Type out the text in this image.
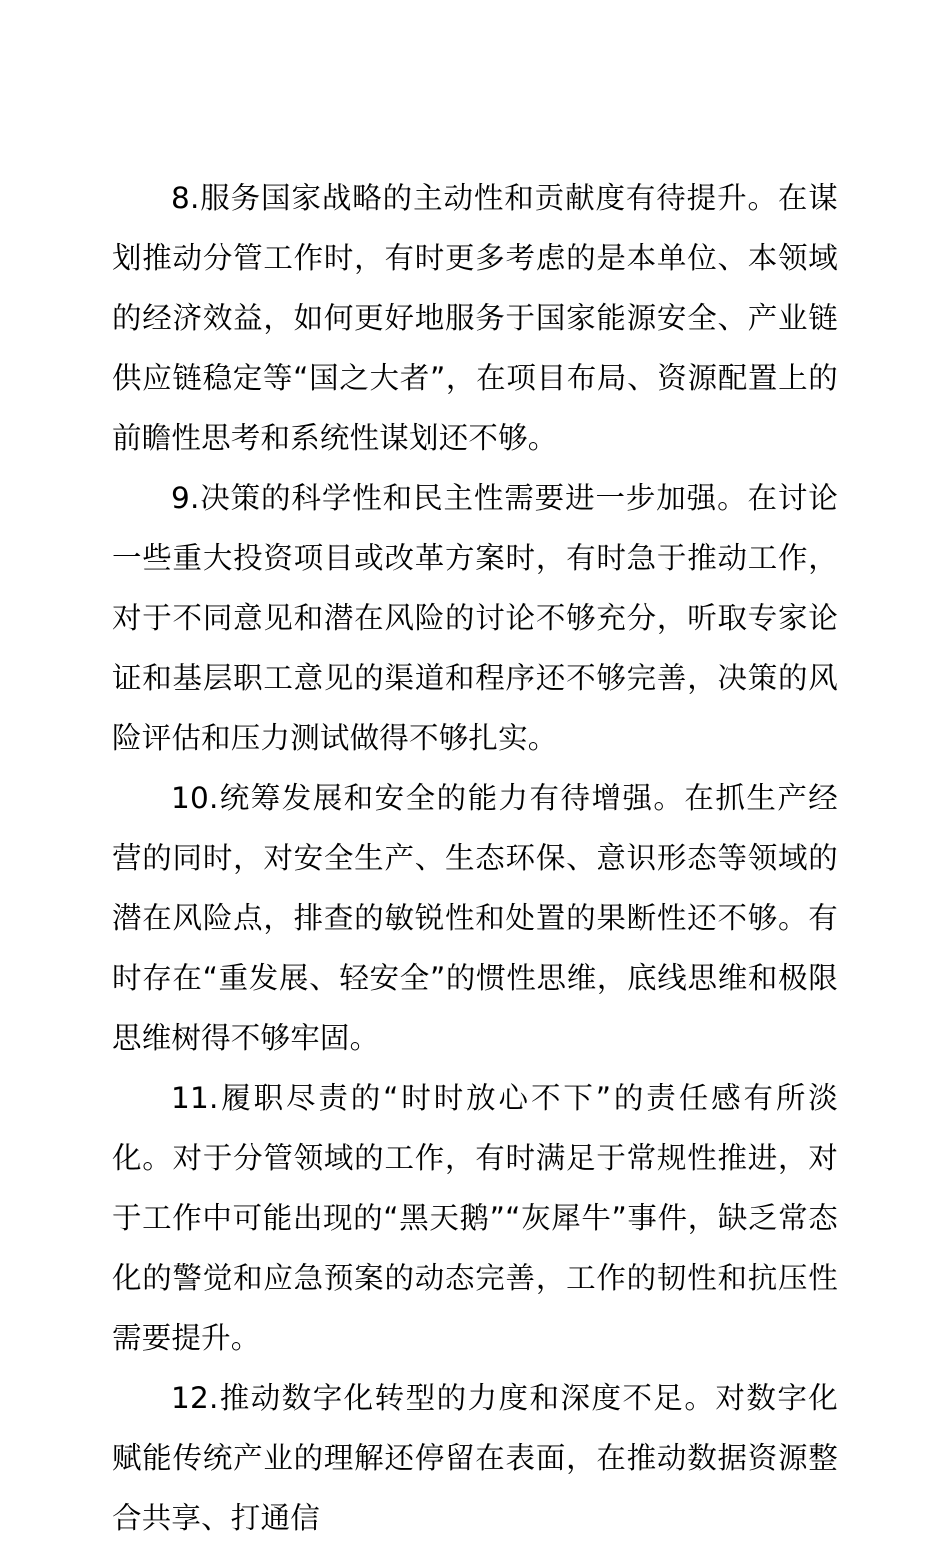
8.服务国家战略的主动性和贡献度有待提升。在谋划推动分管工作时，有时更多考虑的是本单位、本领域的经济效益，如何更好地服务于国家能源安全、产业链供应链稳定等“国之大者”，在项目布局、资源配置上的前瞻性思考和系统性谋划还不够。

9.决策的科学性和民主性需要进一步加强。在讨论一些重大投资项目或改革方案时，有时急于推动工作，对于不同意见和潜在风险的讨论不够充分，听取专家论证和基层职工意见的渠道和程序还不够完善，决策的风险评估和压力测试做得不够扎实。

10.统筹发展和安全的能力有待增强。在抓生产经营的同时，对安全生产、生态环保、意识形态等领域的潜在风险点，排查的敏锐性和处置的果断性还不够。有时存在“重发展、轻安全”的惯性思维，底线思维和极限思维树得不够牢固。

11.履职尽责的“时时放心不下”的责任感有所淡化。对于分管领域的工作，有时满足于常规性推进，对于工作中可能出现的“黑天鹅”“灰犀牛”事件，缺乏常态化的警觉和应急预案的动态完善，工作的韧性和抗压性需要提升。

12.推动数字化转型的力度和深度不足。对数字化赋能传统产业的理解还停留在表面，在推动数据资源整合共享、打通信
